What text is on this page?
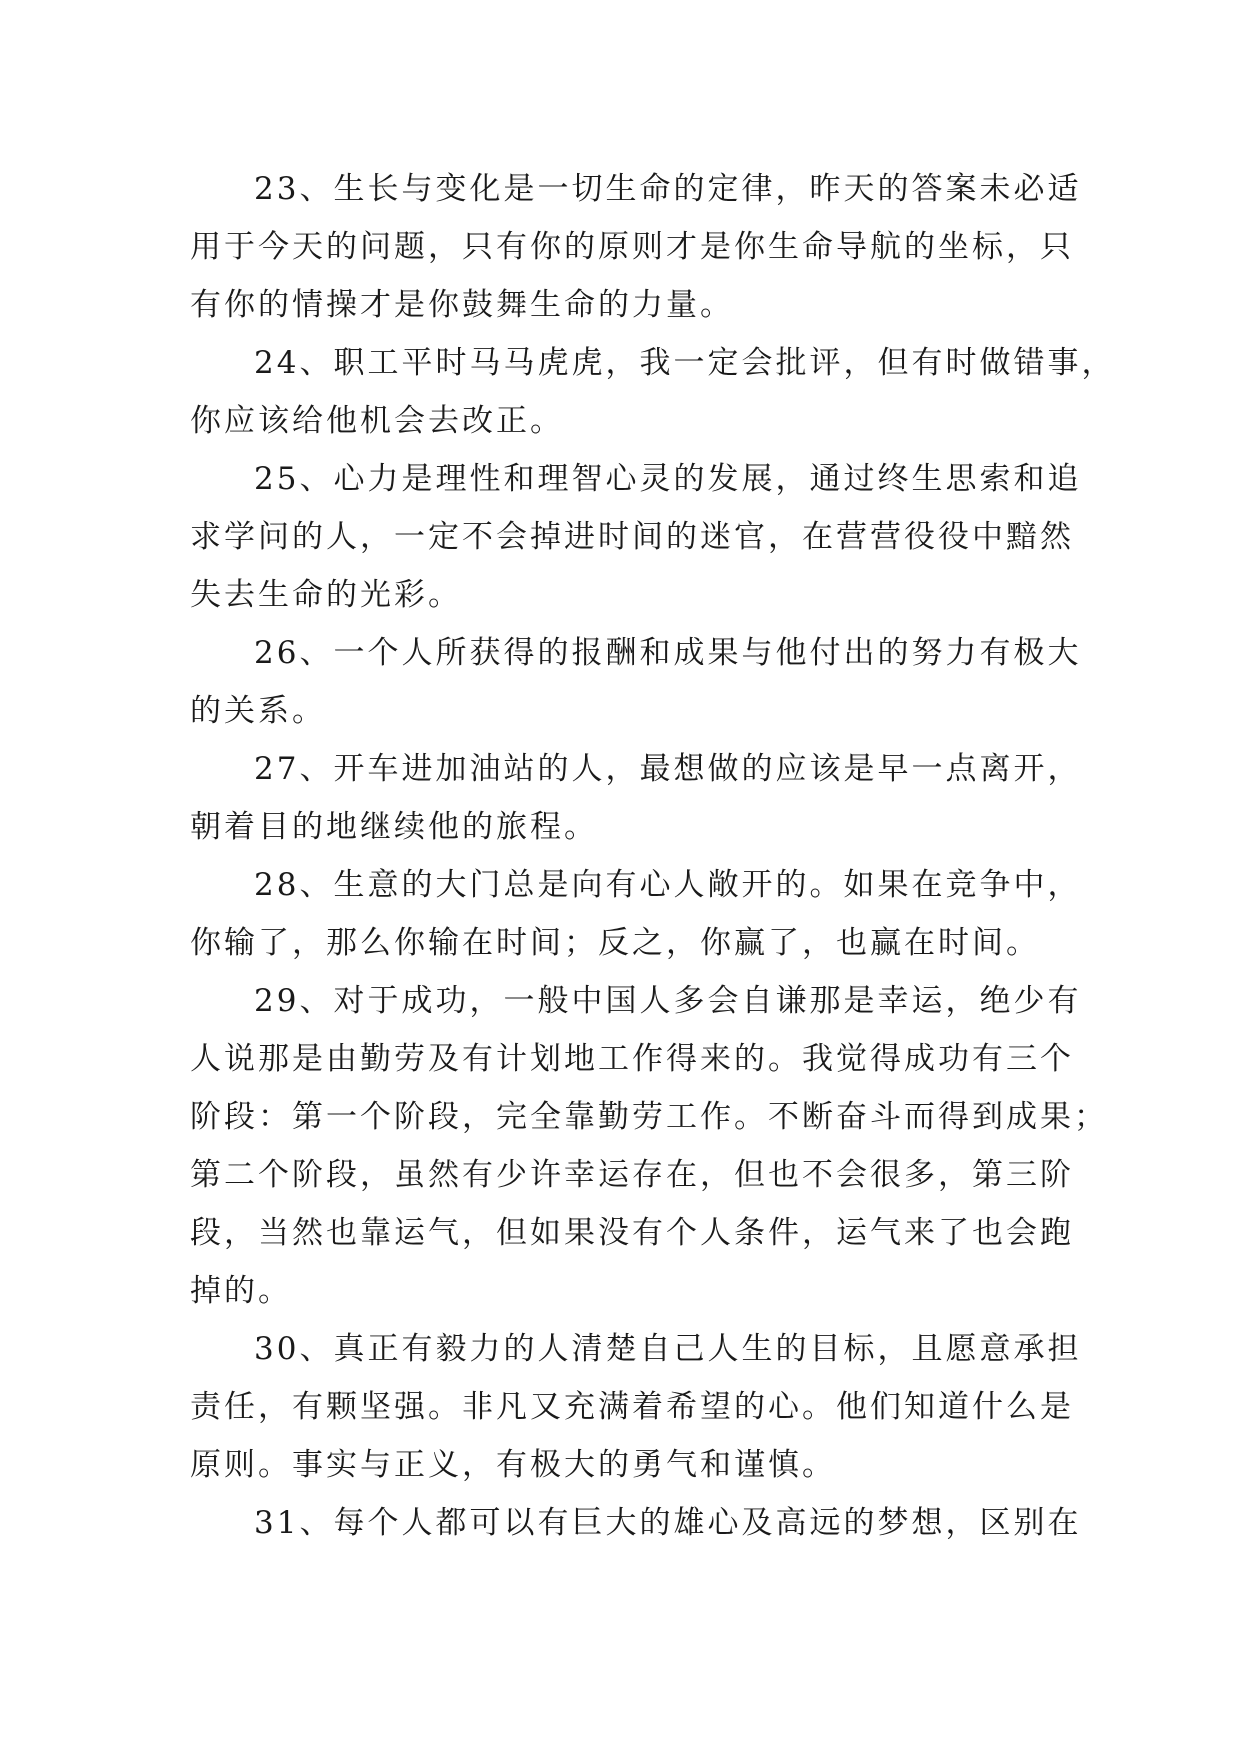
23、生长与变化是一切生命的定律，昨天的答案未必适
用于今天的问题，只有你的原则才是你生命导航的坐标，只
有你的情操才是你鼓舞生命的力量。
24、职工平时马马虎虎，我一定会批评，但有时做错事，
你应该给他机会去改正。
25、心力是理性和理智心灵的发展，通过终生思索和追
求学问的人，一定不会掉进时间的迷官，在营营役役中黯然
失去生命的光彩。
26、一个人所获得的报酬和成果与他付出的努力有极大
的关系。
27、开车进加油站的人，最想做的应该是早一点离开，
朝着目的地继续他的旅程。
28、生意的大门总是向有心人敞开的。如果在竞争中，
你输了，那么你输在时间；反之，你赢了，也赢在时间。
29、对于成功，一般中国人多会自谦那是幸运，绝少有
人说那是由勤劳及有计划地工作得来的。我觉得成功有三个
阶段：第一个阶段，完全靠勤劳工作。不断奋斗而得到成果；
第二个阶段，虽然有少许幸运存在，但也不会很多，第三阶
段，当然也靠运气，但如果没有个人条件，运气来了也会跑
掉的。
30、真正有毅力的人清楚自己人生的目标，且愿意承担
责任，有颗坚强。非凡又充满着希望的心。他们知道什么是
原则。事实与正义，有极大的勇气和谨慎。
31、每个人都可以有巨大的雄心及高远的梦想，区别在
